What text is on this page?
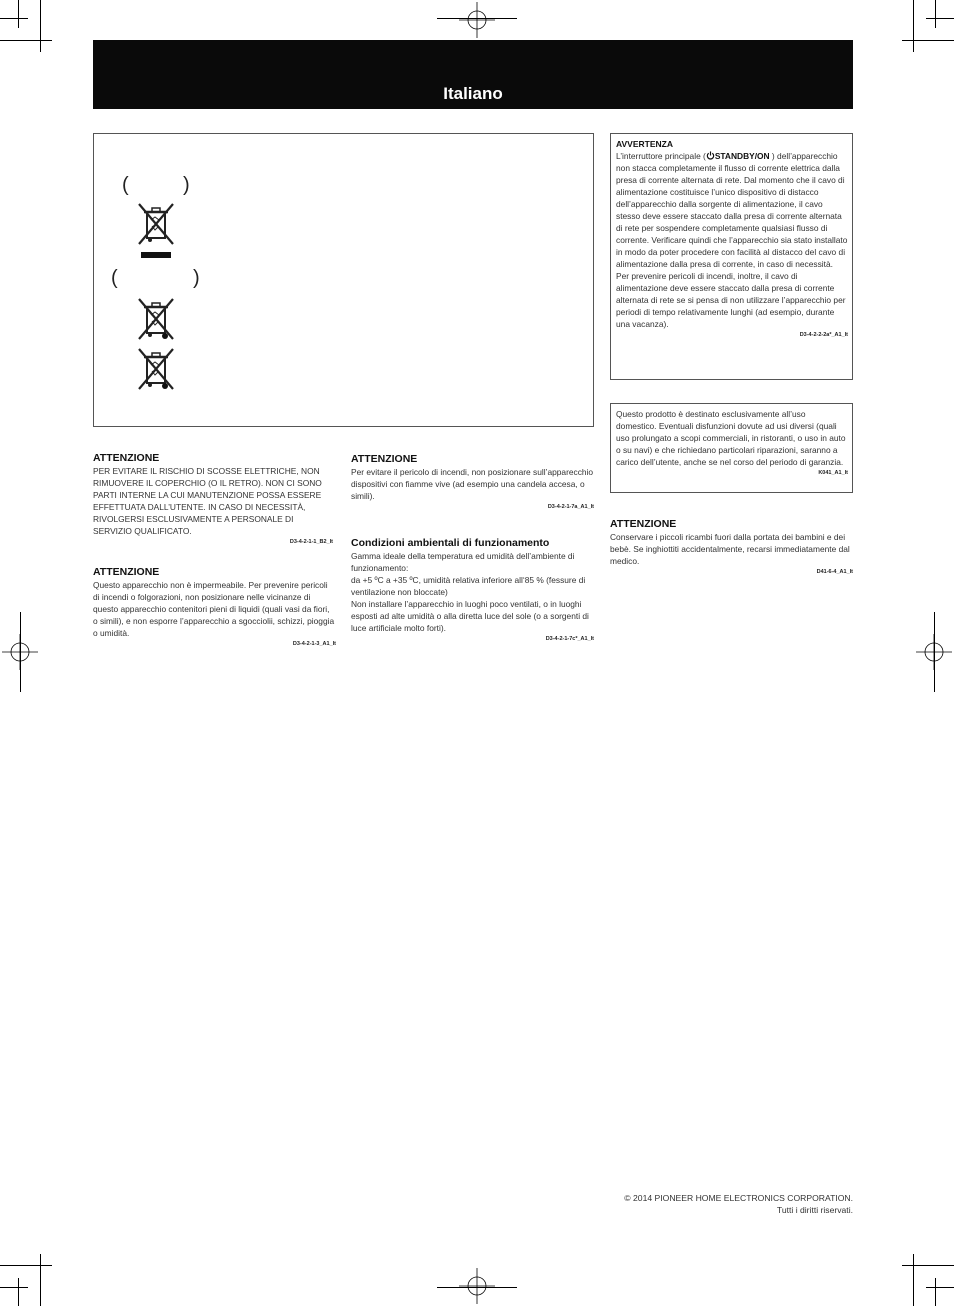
Italiano
(	)
(	)
ATTENZIONE

PER EVITARE IL RISCHIO DI SCOSSE ELETTRICHE, NON RIMUOVERE IL COPERCHIO (O IL RETRO). NON CI SONO PARTI INTERNE LA CUI MANUTENZIONE POSSA ESSERE EFFETTUATA DALL’UTENTE. IN CASO DI NECESSITÀ, RIVOLGERSI ESCLUSIVAMENTE A PERSONALE DI SERVIZIO QUALIFICATO.

D3-4-2-1-1_B2_It
ATTENZIONE

Questo apparecchio non è impermeabile. Per prevenire pericoli di incendi o folgorazioni, non posizionare nelle vicinanze di questo apparecchio contenitori pieni di liquidi (quali vasi da fiori, o simili), e non esporre l’apparecchio a sgocciolii, schizzi, pioggia o umidità.

D3-4-2-1-3_A1_It
ATTENZIONE

Per evitare il pericolo di incendi, non posizionare sull’apparecchio dispositivi con fiamme vive (ad esempio una candela accesa, o simili).

D3-4-2-1-7a_A1_It
Condizioni ambientali di funzionamento

Gamma ideale della temperatura ed umidità dell’ambiente di funzionamento:

da +5 ºC a +35 ºC, umidità relativa inferiore all‘85 % (fessure di ventilazione non bloccate)

Non installare l’apparecchio in luoghi poco ventilati, o in luoghi esposti ad alte umidità o alla diretta luce del sole (o a sorgenti di luce artificiale molto forti).

D3-4-2-1-7c*_A1_It
AVVERTENZA

L’interruttore principale ( STANDBY/ON ) dell’apparecchio non stacca completamente il flusso di corrente elettrica dalla presa di corrente alternata di rete. Dal momento che il cavo di alimentazione costituisce l’unico dispositivo di distacco dell’apparecchio dalla sorgente di alimentazione, il cavo stesso deve essere staccato dalla presa di corrente alternata di rete per sospendere completamente qualsiasi flusso di corrente. Verificare quindi che l’apparecchio sia stato installato in modo da poter procedere con facilità al distacco del cavo di alimentazione dalla presa di corrente, in caso di necessità. Per prevenire pericoli di incendi, inoltre, il cavo di alimentazione deve essere staccato dalla presa di corrente alternata di rete se si pensa di non utilizzare l’apparecchio per periodi di tempo relativamente lunghi (ad esempio, durante una vacanza).

D3-4-2-2-2a*_A1_It

Questo prodotto è destinato esclusivamente all’uso domestico. Eventuali disfunzioni dovute ad usi diversi (quali uso prolungato a scopi commerciali, in ristoranti, o uso in auto o su navi) e che richiedano particolari riparazioni, saranno a carico dell’utente, anche se nel corso del periodo di garanzia.

K041_A1_It
ATTENZIONE

Conservare i piccoli ricambi fuori dalla portata dei bambini e dei bebè. Se inghiottiti accidentalmente, recarsi immediatamente dal medico.

D41-6-4_A1_It
© 2014 PIONEER HOME ELECTRONICS CORPORATION.
Tutti i diritti riservati.
